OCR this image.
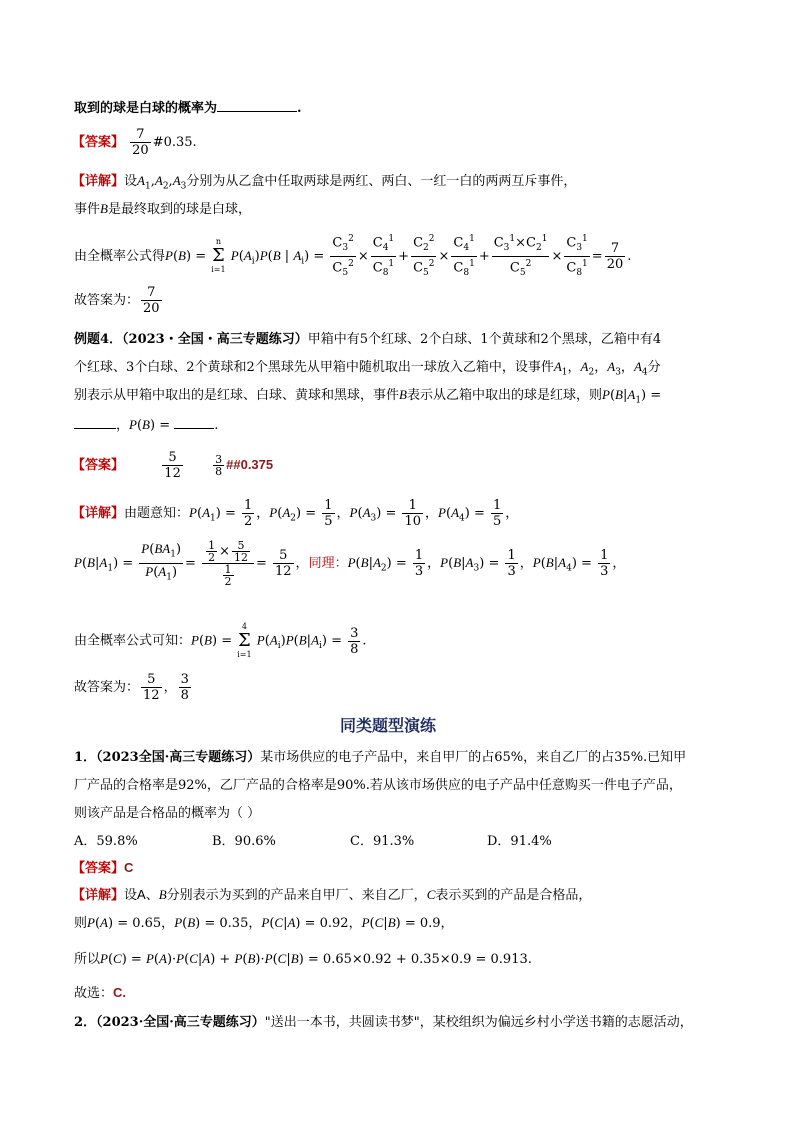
取到的球是白球的概率为	.
【答案】 $\frac{7}{20}$ #0.35.
【详解】设$A_1,A_2,A_3$分别为从乙盒中任取两球是两红、两白、一红一白的两两互斥事件，
事件B是最终取到的球是白球，
由全概率公式得P(B) =
n
Σ
i=1
$P(A_i)P(B$ | $A_i) = \frac{C_3^2}{C_5^2} \times \frac{C_4^1}{C_8^1} + \frac{C_2^2}{C_5^2} \times \frac{C_4^1}{C_8^1} + \frac{C_3^1\times C_2^1}{C_5^2} \times \frac{C_3^1}{C_8^1} = \frac{7}{20}$ .
故答案为： $\frac{7}{20}$
例题4．（2023・全国・高三专题练习）甲箱中有5个红球、2个白球、1个黄球和2个黑球，乙箱中有4
个红球、3个白球、2个黄球和2个黑球先从甲箱中随机取出一球放入乙箱中，设事件$A_1$，$A_2$，$A_3$，$A_4$分
别表示从甲箱中取出的是红球、白球、黄球和黑球，事件B表示从乙箱中取出的球是红球，则$P(B|A_1)$ =
，P(B) =	.
【答案】	$\frac{5}{12}$
	$\frac{3}{8}$ ##0.375
【详解】由题意知：$P(A_1) = \frac{1}{2}$ ，$P(A_2) = \frac{1}{5}$ ，$P(A_3) = \frac{1}{10}$ ，$P(A_4) = \frac{1}{5}$ ，
$P(B|A_1) = \frac{P(BA_1)}{P(A_1)} = \frac{\frac{1}{2} \times \frac{5}{12}}{\frac{1}{2}} = \frac{5}{12}$ ，同理：$P(B|A_2) = \frac{1}{3}$ ，$P(B|A_3) = \frac{1}{3}$ ，$P(B|A_4) = \frac{1}{3}$ ，
由全概率公式可知：P(B) =
4
Σ
i=1
$P(A_i)P(B|A_i) = \frac{3}{8}$ .
故答案为： $\frac{5}{12}$ ， $\frac{3}{8}$
同类题型演练
1．（2023全国·高三专题练习）某市场供应的电子产品中，来自甲厂的占65%，来自乙厂的占35%.已知甲
厂产品的合格率是92%，乙厂产品的合格率是90%.若从该市场供应的电子产品中任意购买一件电子产品，
则该产品是合格品的概率为（ ）
A．59.8%	B．90.6%	C．91.3%	D．91.4%
【答案】C
【详解】设A、B分别表示为买到的产品来自甲厂、来自乙厂，C表示买到的产品是合格品，
则P(A) = 0.65，P(B) = 0.35，P(C|A) = 0.92，P(C|B) = 0.9，
所以P(C) = P(A)·P(C|A) + P(B)·P(C|B) = 0.65×0.92 + 0.35×0.9 = 0.913.
故选：C.
2．（2023·全国·高三专题练习）"送出一本书，共圆读书梦"，某校组织为偏远乡村小学送书籍的志愿活动，
